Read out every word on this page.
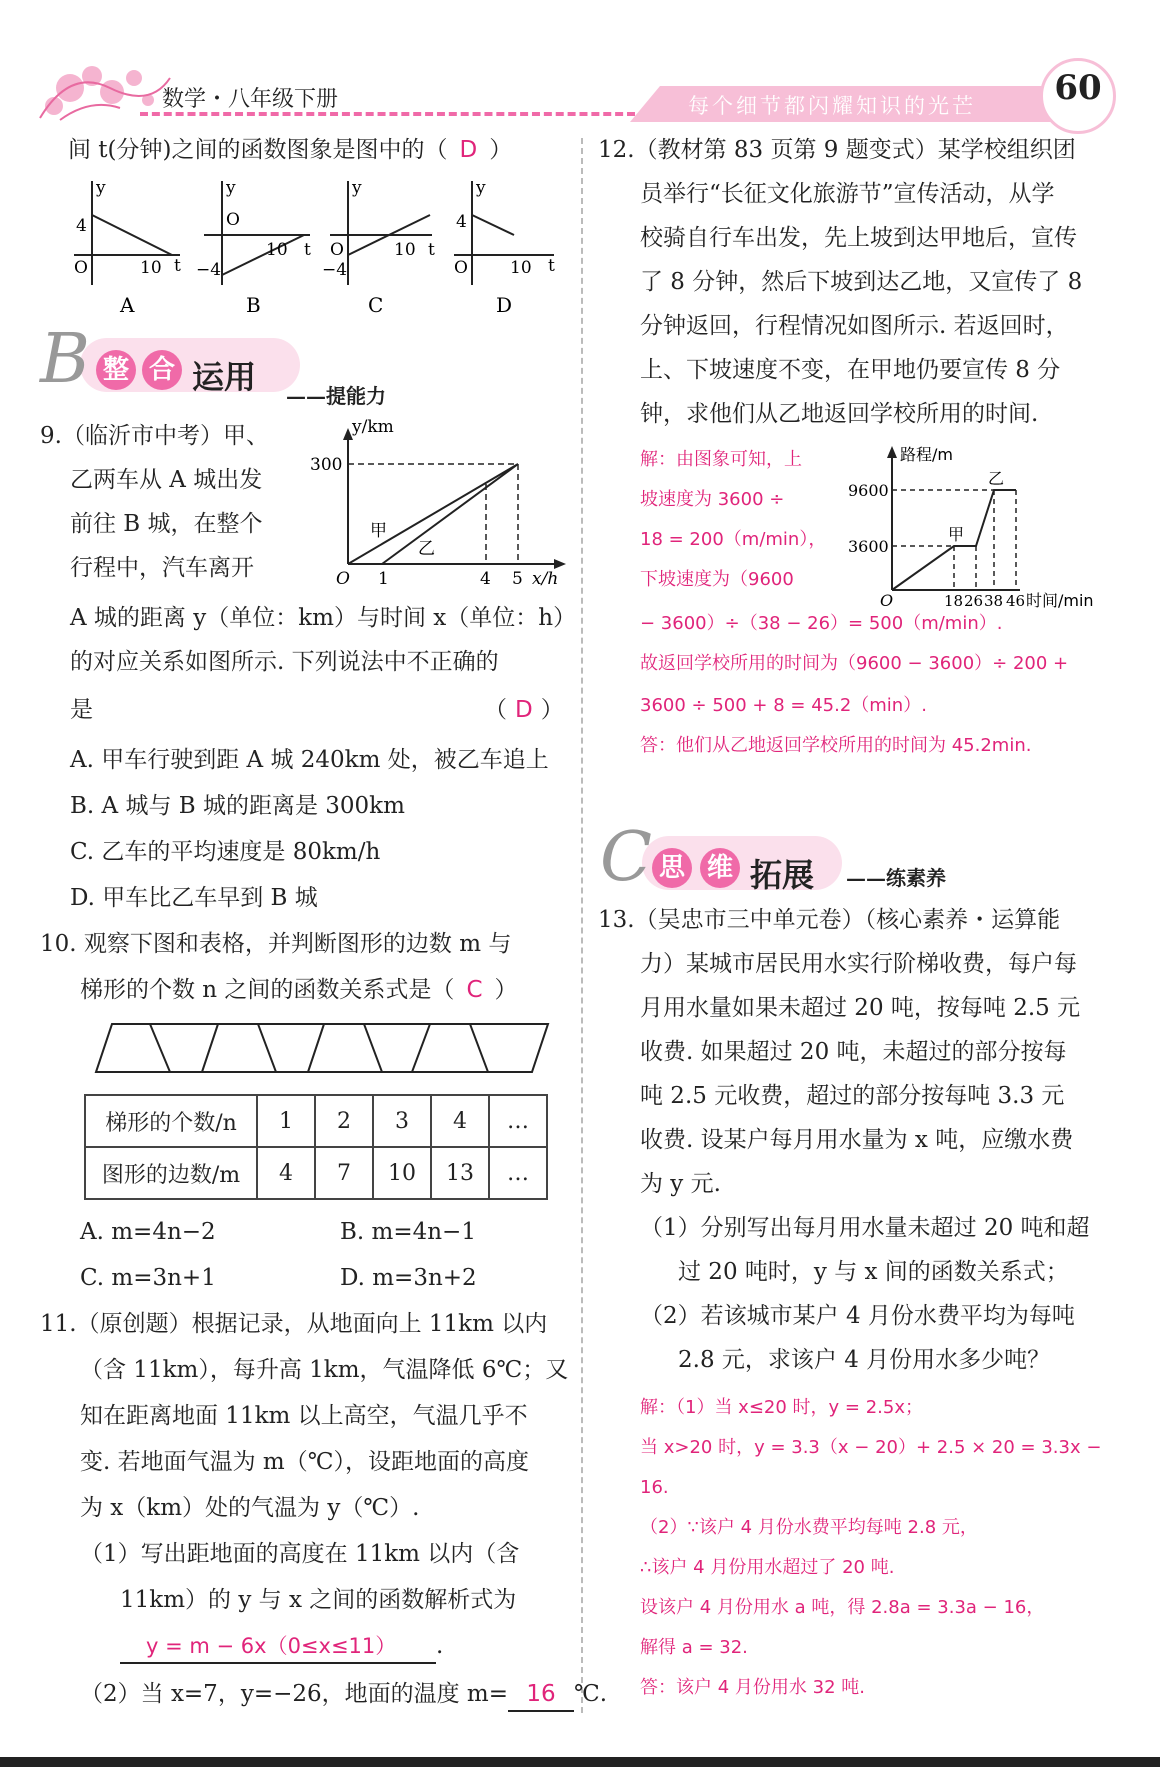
数学・八年级下册	每个细节都闪耀知识的光芒	60
间 t(分钟)之间的函数图象是图中的（ D ）
y
4
O	10 t
A
y
O
−4
10 t
B
y
O
−4
10 t
C
y
4
O 10 t
D
B 整 合 运用 ——提能力
9.（临沂市中考）甲、
乙两车从 A 城出发
前往 B 城，在整个
行程中，汽车离开
y/km
300
O 1	4 5 x/h
甲
乙
A 城的距离 y（单位：km）与时间 x（单位：h）
的对应关系如图所示. 下列说法中不正确的
是	（ D ）
A. 甲车行驶到距 A 城 240km 处，被乙车追上
B. A 城与 B 城的距离是 300km
C. 乙车的平均速度是 80km/h
D. 甲车比乙车早到 B 城
10. 观察下图和表格，并判断图形的边数 m 与
梯形的个数 n 之间的函数关系式是（ C ）
梯形的个数/n	1	2	3	4	…
图形的边数/m	4	7	10	13	…
A. m=4n−2	B. m=4n−1
C. m=3n+1	D. m=3n+2
11.（原创题）根据记录，从地面向上 11km 以内
（含 11km），每升高 1km，气温降低 6℃；又
知在距离地面 11km 以上高空，气温几乎不
变. 若地面气温为 m（℃），设距地面的高度
为 x（km）处的气温为 y（℃）.
（1）写出距地面的高度在 11km 以内（含
11km）的 y 与 x 之间的函数解析式为
y = m − 6x（0≤x≤11） .
（2）当 x=7，y=−26，地面的温度 m= 16 ℃.
12.（教材第 83 页第 9 题变式）某学校组织团
员举行“长征文化旅游节”宣传活动，从学
校骑自行车出发，先上坡到达甲地后，宣传
了 8 分钟，然后下坡到达乙地，又宣传了 8
分钟返回，行程情况如图所示. 若返回时，
上、下坡速度不变，在甲地仍要宣传 8 分
钟，求他们从乙地返回学校所用的时间.
解：由图象可知，上
坡速度为 3600 ÷
18 = 200（m/min），
下坡速度为（9600
路程/m
9600
3600
O	18 26 38 46 时间/min
甲
乙
− 3600）÷（38 − 26）= 500（m/min）.
故返回学校所用的时间为（9600 − 3600）÷ 200 +
3600 ÷ 500 + 8 = 45.2（min）.
答：他们从乙地返回学校所用的时间为 45.2min.
C 思 维 拓展 ——练素养
13.（吴忠市三中单元卷）（核心素养・运算能
力）某城市居民用水实行阶梯收费，每户每
月用水量如果未超过 20 吨，按每吨 2.5 元
收费. 如果超过 20 吨，未超过的部分按每
吨 2.5 元收费，超过的部分按每吨 3.3 元
收费. 设某户每月用水量为 x 吨，应缴水费
为 y 元.
（1）分别写出每月用水量未超过 20 吨和超
过 20 吨时，y 与 x 间的函数关系式；
（2）若该城市某户 4 月份水费平均为每吨
2.8 元，求该户 4 月份用水多少吨？
解：（1）当 x≤20 时，y = 2.5x；
当 x>20 时，y = 3.3（x − 20）+ 2.5 × 20 = 3.3x −
16.
（2）∵该户 4 月份水费平均每吨 2.8 元，
∴该户 4 月份用水超过了 20 吨.
设该户 4 月份用水 a 吨，得 2.8a = 3.3a − 16，
解得 a = 32.
答：该户 4 月份用水 32 吨.
